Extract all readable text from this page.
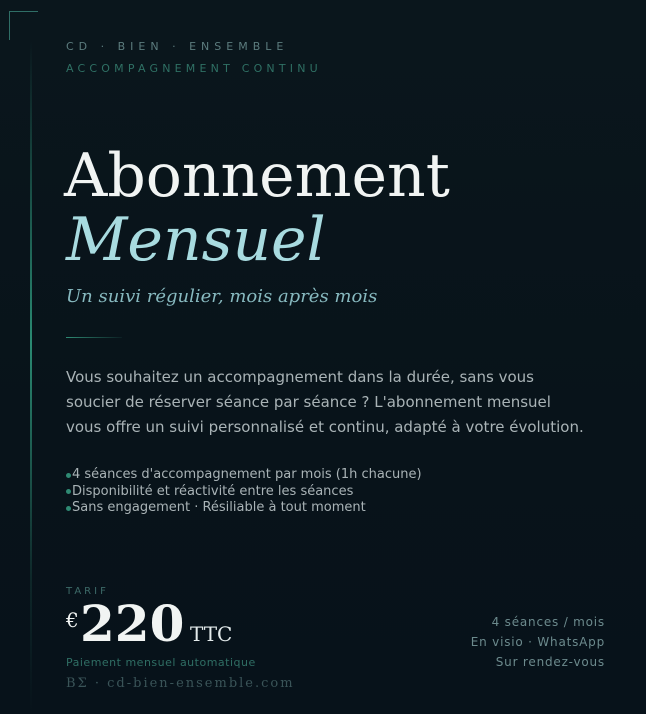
CD · BIEN · ENSEMBLE
ACCOMPAGNEMENT CONTINU
Abonnement
Mensuel
Un suivi régulier, mois après mois

Vous souhaitez un accompagnement dans la durée, sans vous soucier de réserver séance par séance ? L'abonnement mensuel vous offre un suivi personnalisé et continu, adapté à votre évolution.

4 séances d'accompagnement par mois (1h chacune)
Disponibilité et réactivité entre les séances
Sans engagement · Résiliable à tout moment
TARIF
€ 220 TTC
Paiement mensuel automatique
BΣ · cd-bien-ensemble.com
4 séances / mois
En visio · WhatsApp
Sur rendez-vous
